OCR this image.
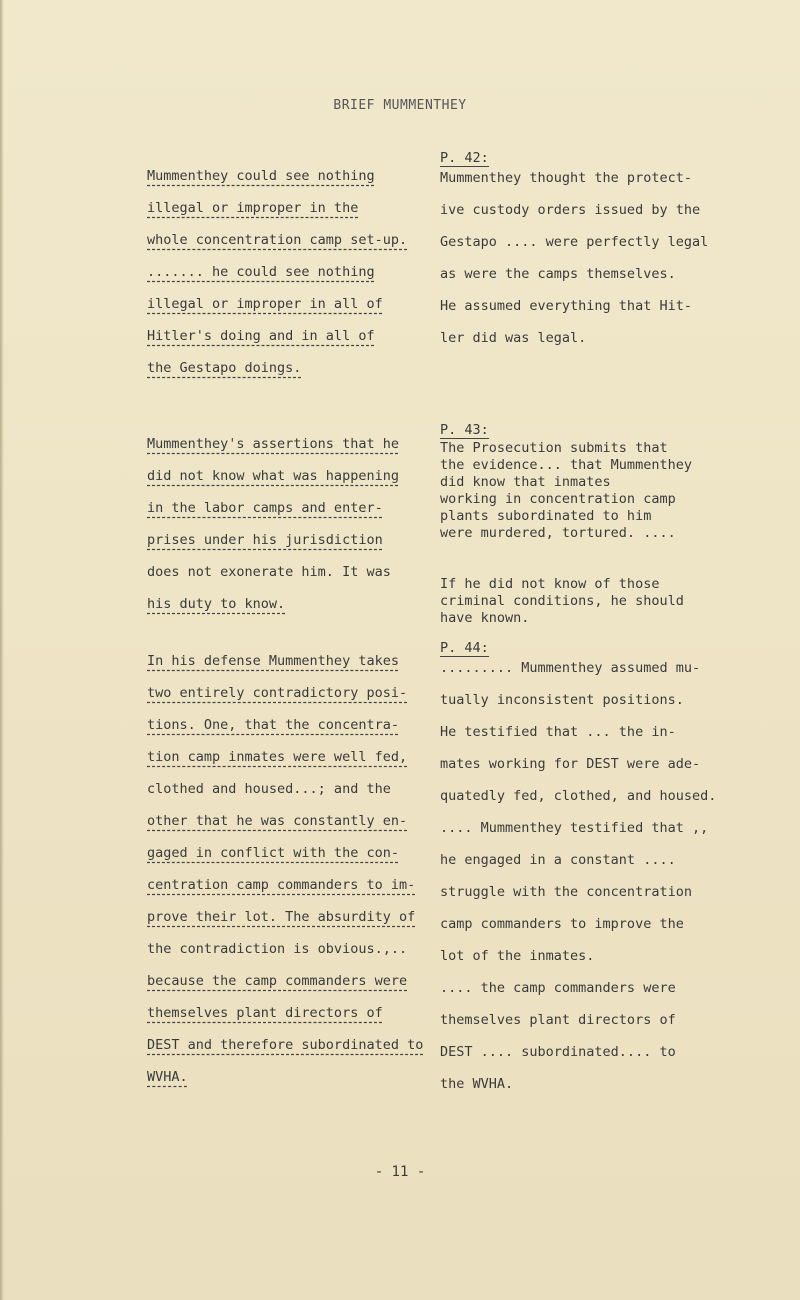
BRIEF MUMMENTHEY
Mummenthey could see nothing
illegal or improper in the
whole concentration camp set-up.
....... he could see nothing
illegal or improper in all of
Hitler's doing and in all of
the Gestapo doings.
Mummenthey's assertions that he
did not know what was happening
in the labor camps and enter-
prises under his jurisdiction
does not exonerate him. It was
his duty to know.
In his defense Mummenthey takes
two entirely contradictory posi-
tions. One, that the concentra-
tion camp inmates were well fed,
clothed and housed...; and the
other that he was constantly en-
gaged in conflict with the con-
centration camp commanders to im-
prove their lot. The absurdity of
the contradiction is obvious.,..
because the camp commanders were
themselves plant directors of
DEST and therefore subordinated to
WVHA.
P. 42:
Mummenthey thought the protect-
ive custody orders issued by the
Gestapo .... were perfectly legal
as were the camps themselves.
He assumed everything that Hit-
ler did was legal.
P. 43:
The Prosecution submits that
the evidence... that Mummenthey
did know that inmates
working in concentration camp
plants subordinated to him
were murdered, tortured. ....
If he did not know of those
criminal conditions, he should
have known.
P. 44:
......... Mummenthey assumed mu-
tually inconsistent positions.
He testified that ... the in-
mates working for DEST were ade-
quatedly fed, clothed, and housed.
.... Mummenthey testified that ,,
he engaged in a constant ....
struggle with the concentration
camp commanders to improve the
lot of the inmates.
.... the camp commanders were
themselves plant directors of
DEST .... subordinated.... to
the WVHA.
- 11 -
